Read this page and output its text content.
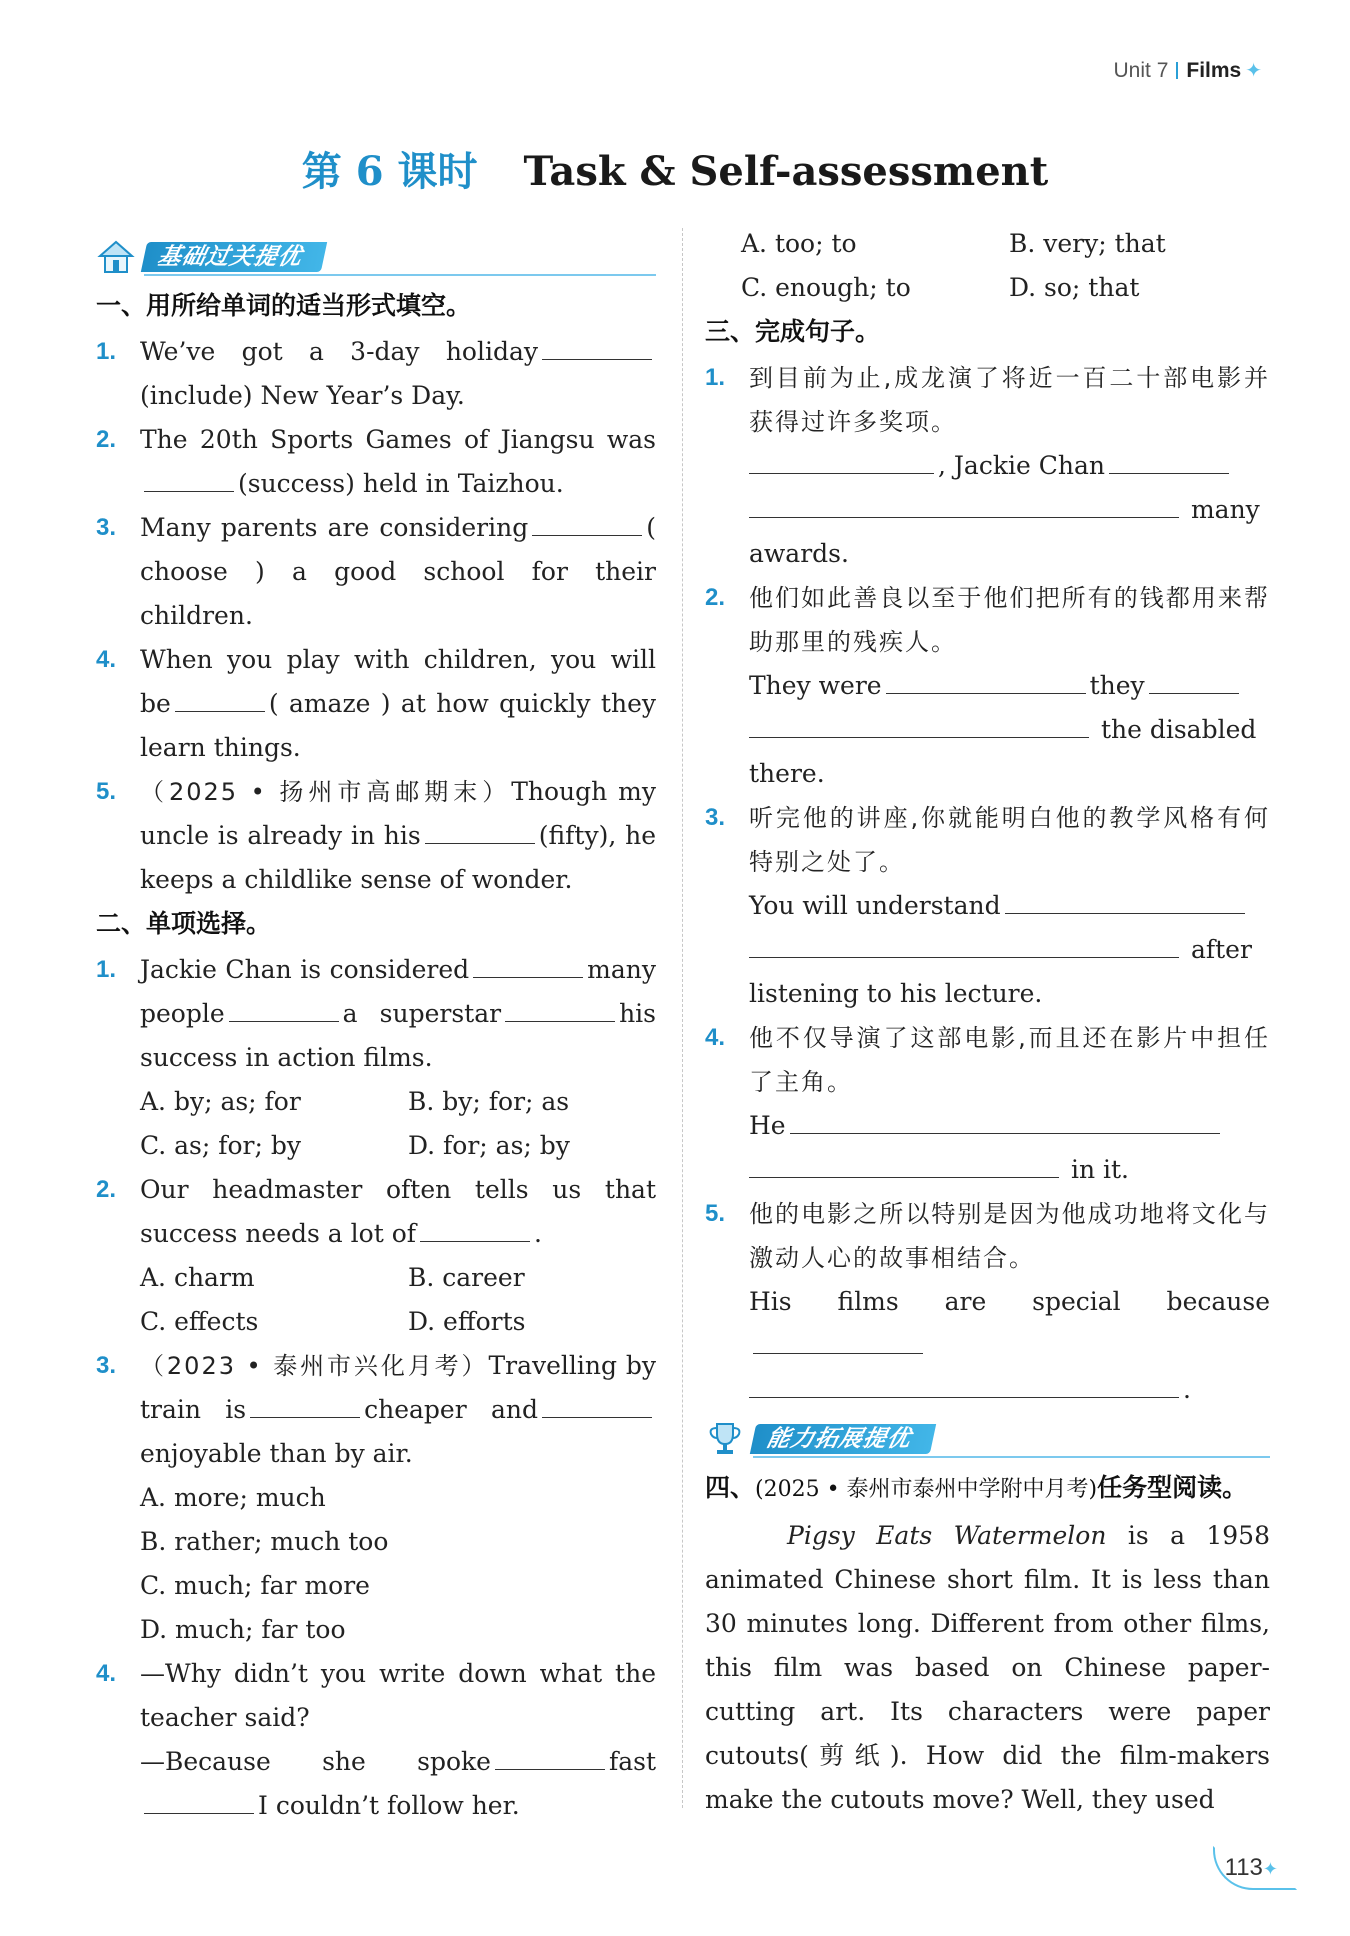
Unit 7 Films ✦
第 6 课时 Task & Self-assessment
基础过关提优
一、用所给单词的适当形式填空。
1. We’ve got a 3-day holiday(include) New Year’s Day.
2. The 20th Sports Games of Jiangsu was(success) held in Taizhou.
3. Many parents are considering	( choose ) a good school for their children.
4. When you play with children, you will be	( amaze ) at how quickly they learn things.
5. （2025 • 扬州市高邮期末）Though my uncle is already in his	(fifty), he keeps a childlike sense of wonder.
二、单项选择。
1. Jackie Chan is considered	many people	a superstar	his success in action films.
A. by; as; for	B. by; for; as
C. as; for; by	D. for; as; by
2. Our headmaster often tells us that success needs a lot of	.
A. charm	B. career
C. effects	D. efforts
3. （2023 • 泰州市兴化月考）Travelling by train is	cheaper andenjoyable than by air.
A. more; much
B. rather; much too
C. much; far more
D. much; far too
4. —Why didn’t you write down what the teacher said?
—Because she spoke	fastI couldn’t follow her.
A. too; to	B. very; that
C. enough; to	D. so; that
三、完成句子。
1. 到目前为止,成龙演了将近一百二十部电影并获得过许多奖项。
, Jackie Chan
many
awards.
2. 他们如此善良以至于他们把所有的钱都用来帮助那里的残疾人。
They were	they
the disabled
there.
3. 听完他的讲座,你就能明白他的教学风格有何特别之处了。
You will understand
after
listening to his lecture.
4. 他不仅导演了这部电影,而且还在影片中担任了主角。
He
in it.
5. 他的电影之所以特别是因为他成功地将文化与激动人心的故事相结合。
His films are special because
.
能力拓展提优
四、(2025 • 泰州市泰州中学附中月考)任务型阅读。
Pigsy Eats Watermelon is a 1958 animated Chinese short film. It is less than 30 minutes long. Different from other films, this film was based on Chinese paper-cutting art. Its characters were paper cutouts(剪纸). How did the film-makers make the cutouts move? Well, they used
113✦
